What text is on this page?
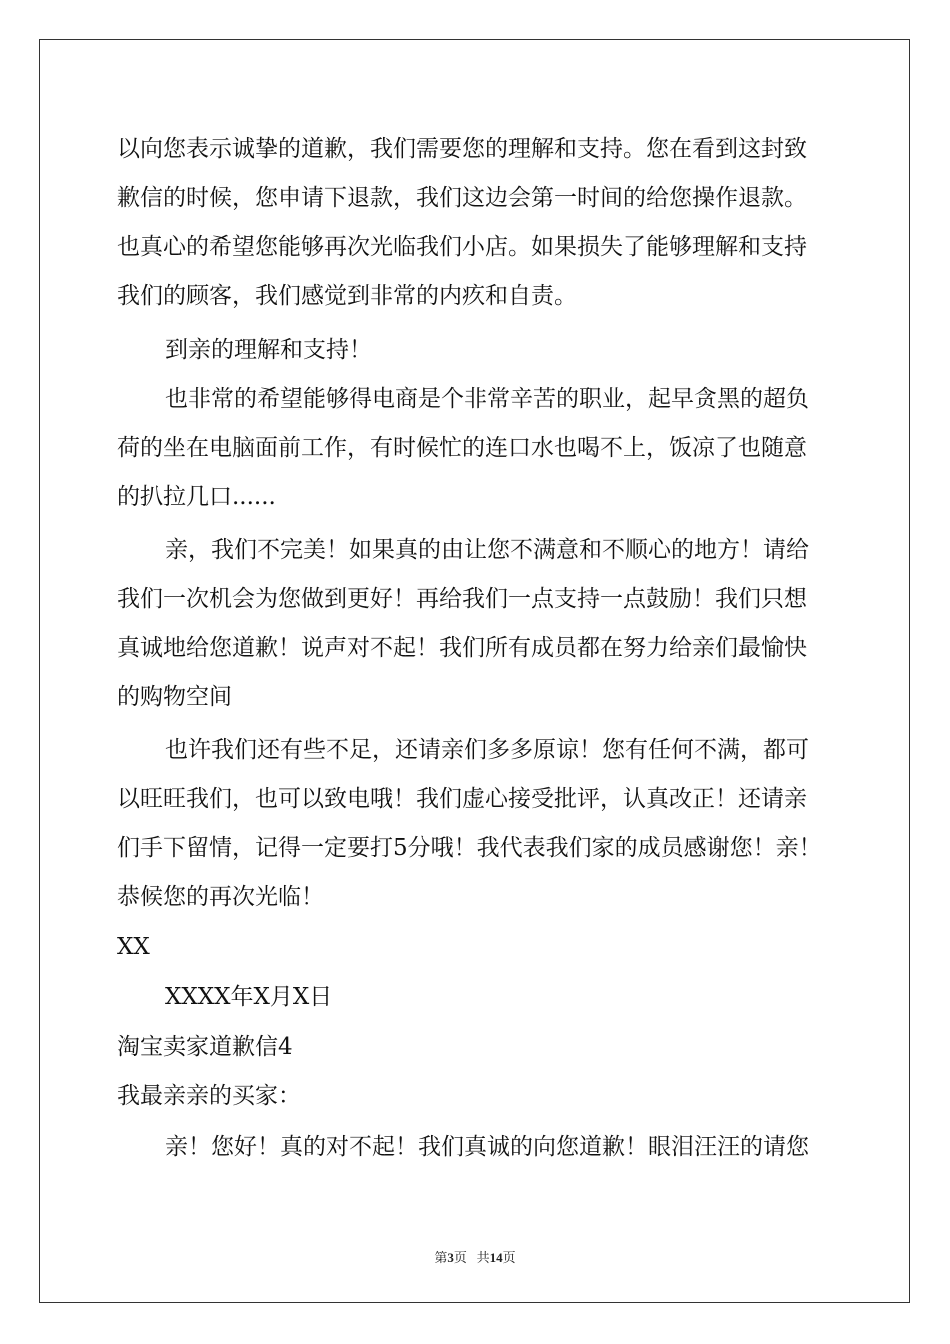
以向您表示诚挚的道歉，我们需要您的理解和支持。您在看到这封致

歉信的时候，您申请下退款，我们这边会第一时间的给您操作退款。

也真心的希望您能够再次光临我们小店。如果损失了能够理解和支持

我们的顾客，我们感觉到非常的内疚和自责。

到亲的理解和支持！

也非常的希望能够得电商是个非常辛苦的职业，起早贪黑的超负

荷的坐在电脑面前工作，有时候忙的连口水也喝不上，饭凉了也随意

的扒拉几口......

亲，我们不完美！如果真的由让您不满意和不顺心的地方！请给

我们一次机会为您做到更好！再给我们一点支持一点鼓励！我们只想

真诚地给您道歉！说声对不起！我们所有成员都在努力给亲们最愉快

的购物空间

也许我们还有些不足，还请亲们多多原谅！您有任何不满，都可

以旺旺我们，也可以致电哦！我们虚心接受批评，认真改正！还请亲

们手下留情，记得一定要打5分哦！我代表我们家的成员感谢您！亲！

恭候您的再次光临！

XX

XXXX年X月X日

淘宝卖家道歉信4

我最亲亲的买家：

亲！您好！真的对不起！我们真诚的向您道歉！眼泪汪汪的请您

第3页   共14页
